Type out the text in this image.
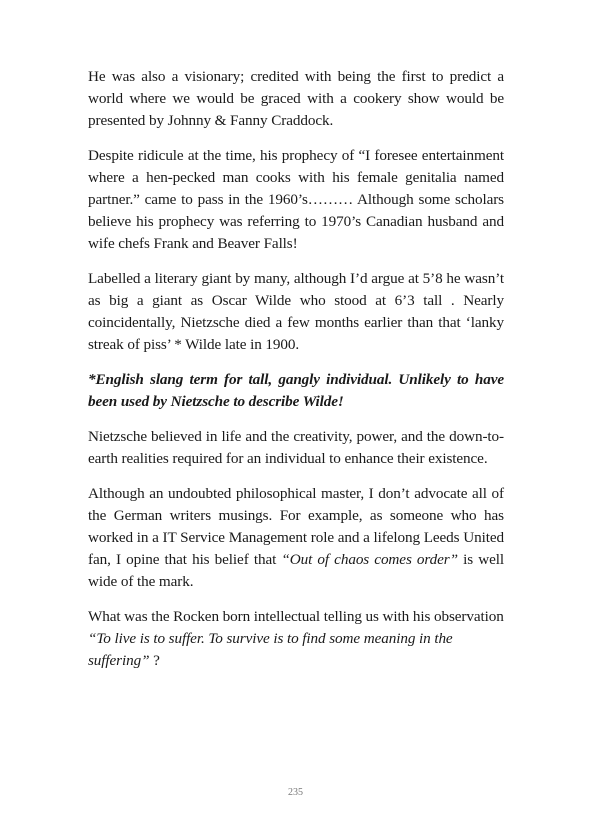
He was also a visionary; credited with being the first to predict a world where we would be graced with a cookery show would be presented by Johnny & Fanny Craddock.

Despite ridicule at the time, his prophecy of “I foresee entertainment where a hen-pecked man cooks with his female genitalia named partner.” came to pass in the 1960’s……… Although some scholars believe his prophecy was referring to 1970’s Canadian husband and wife chefs Frank and Beaver Falls!

Labelled a literary giant by many, although I’d argue at 5’8 he wasn’t as big a giant as Oscar Wilde who stood at 6’3 tall . Nearly coincidentally, Nietzsche died a few months earlier than that ‘lanky streak of piss’ * Wilde late in 1900.

*English slang term for tall, gangly individual. Unlikely to have been used by Nietzsche to describe Wilde!

Nietzsche believed in life and the creativity, power, and the down-to-earth realities required for an individual to enhance their existence.

Although an undoubted philosophical master, I don’t advocate all of the German writers musings. For example, as someone who has worked in a IT Service Management role and a lifelong Leeds United fan, I opine that his belief that “Out of chaos comes order” is well wide of the mark.

What was the Rocken born intellectual telling us with his observation “To live is to suffer. To survive is to find some meaning in the suffering” ?

235
